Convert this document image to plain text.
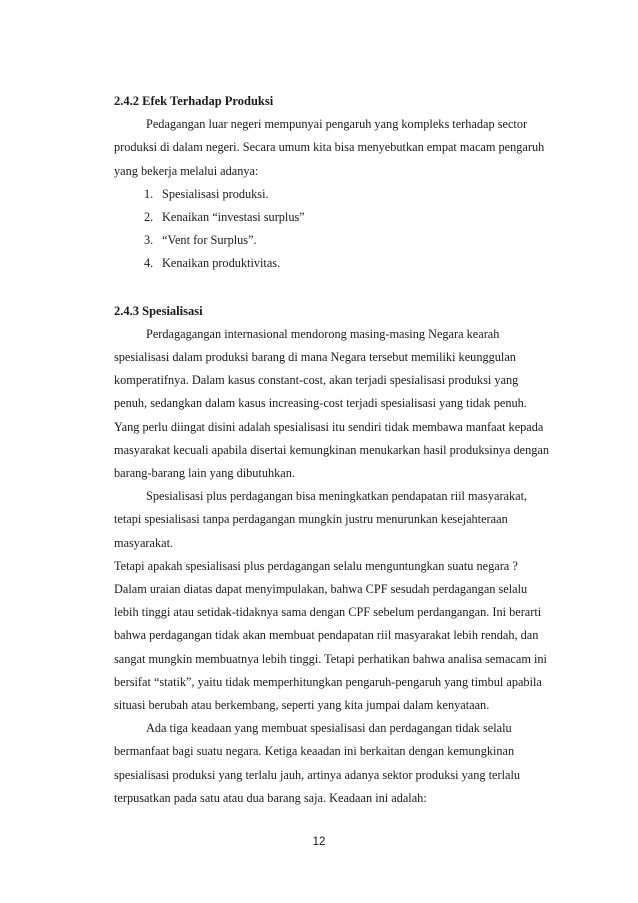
2.4.2 Efek Terhadap Produksi

Pedagangan luar negeri mempunyai pengaruh yang kompleks terhadap sector produksi di dalam negeri. Secara umum kita bisa menyebutkan empat macam pengaruh yang bekerja melalui adanya:

1. Spesialisasi produksi.
2. Kenaikan “investasi surplus”
3. “Vent for Surplus”.
4. Kenaikan produktivitas.
2.4.3 Spesialisasi

Perdagagangan internasional mendorong masing-masing Negara kearah spesialisasi dalam produksi barang di mana Negara tersebut memiliki keunggulan komperatifnya. Dalam kasus constant-cost, akan terjadi spesialisasi produksi yang penuh, sedangkan dalam kasus increasing-cost terjadi spesialisasi yang tidak penuh. Yang perlu diingat disini adalah spesialisasi itu sendiri tidak membawa manfaat kepada masyarakat kecuali apabila disertai kemungkinan menukarkan hasil produksinya dengan barang-barang lain yang dibutuhkan.

Spesialisasi plus perdagangan bisa meningkatkan pendapatan riil masyarakat, tetapi spesialisasi tanpa perdagangan mungkin justru menurunkan kesejahteraan masyarakat.

Tetapi apakah spesialisasi plus perdagangan selalu menguntungkan suatu negara ? Dalam uraian diatas dapat menyimpulakan, bahwa CPF sesudah perdagangan selalu lebih tinggi atau setidak-tidaknya sama dengan CPF sebelum perdangangan. Ini berarti bahwa perdagangan tidak akan membuat pendapatan riil masyarakat lebih rendah, dan sangat mungkin membuatnya lebih tinggi. Tetapi perhatikan bahwa analisa semacam ini bersifat “statik”, yaitu tidak memperhitungkan pengaruh-pengaruh yang timbul apabila situasi berubah atau berkembang, seperti yang kita jumpai dalam kenyataan.

Ada tiga keadaan yang membuat spesialisasi dan perdagangan tidak selalu bermanfaat bagi suatu negara. Ketiga keaadan ini berkaitan dengan kemungkinan spesialisasi produksi yang terlalu jauh, artinya adanya sektor produksi yang terlalu terpusatkan pada satu atau dua barang saja. Keadaan ini adalah:

12
